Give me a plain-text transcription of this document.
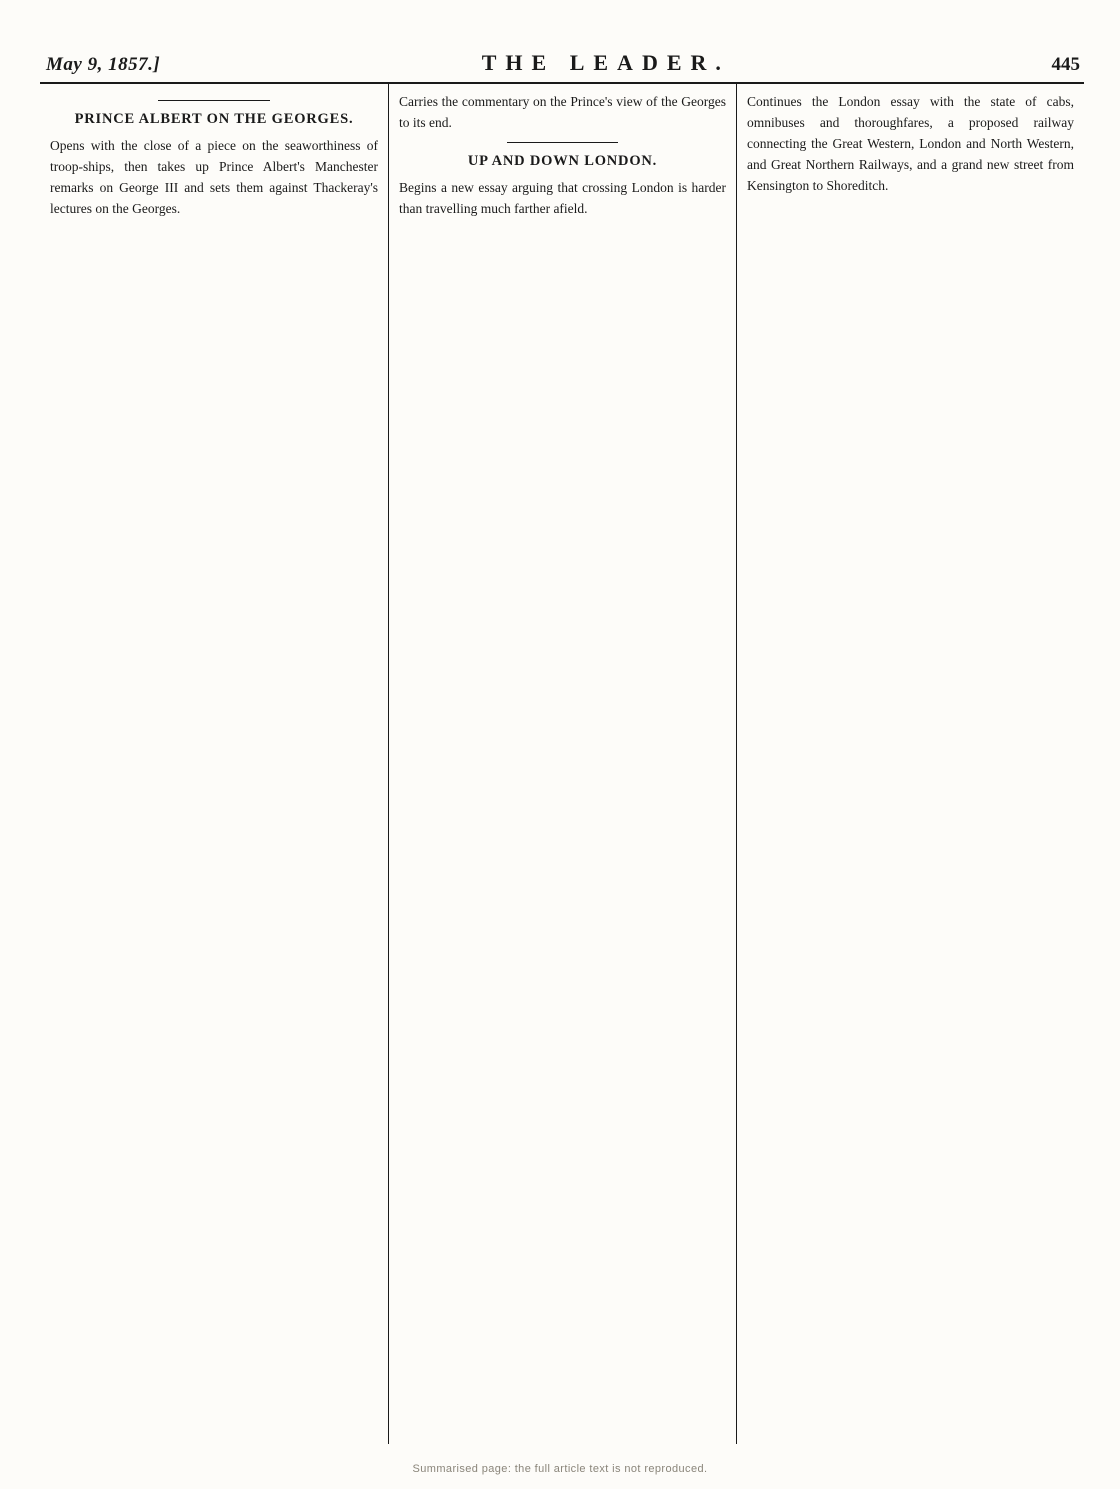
May 9, 1857.]	THE LEADER.	445
PRINCE ALBERT ON THE GEORGES.

Opens with the close of a piece on the seaworthiness of troop-ships, then takes up Prince Albert's Manchester remarks on George III and sets them against Thackeray's lectures on the Georges.

Carries the commentary on the Prince's view of the Georges to its end.

UP AND DOWN LONDON.

Begins a new essay arguing that crossing London is harder than travelling much farther afield.

Continues the London essay with the state of cabs, omnibuses and thoroughfares, a proposed railway connecting the Great Western, London and North Western, and Great Northern Railways, and a grand new street from Kensington to Shoreditch.

Summarised page: the full article text is not reproduced.
